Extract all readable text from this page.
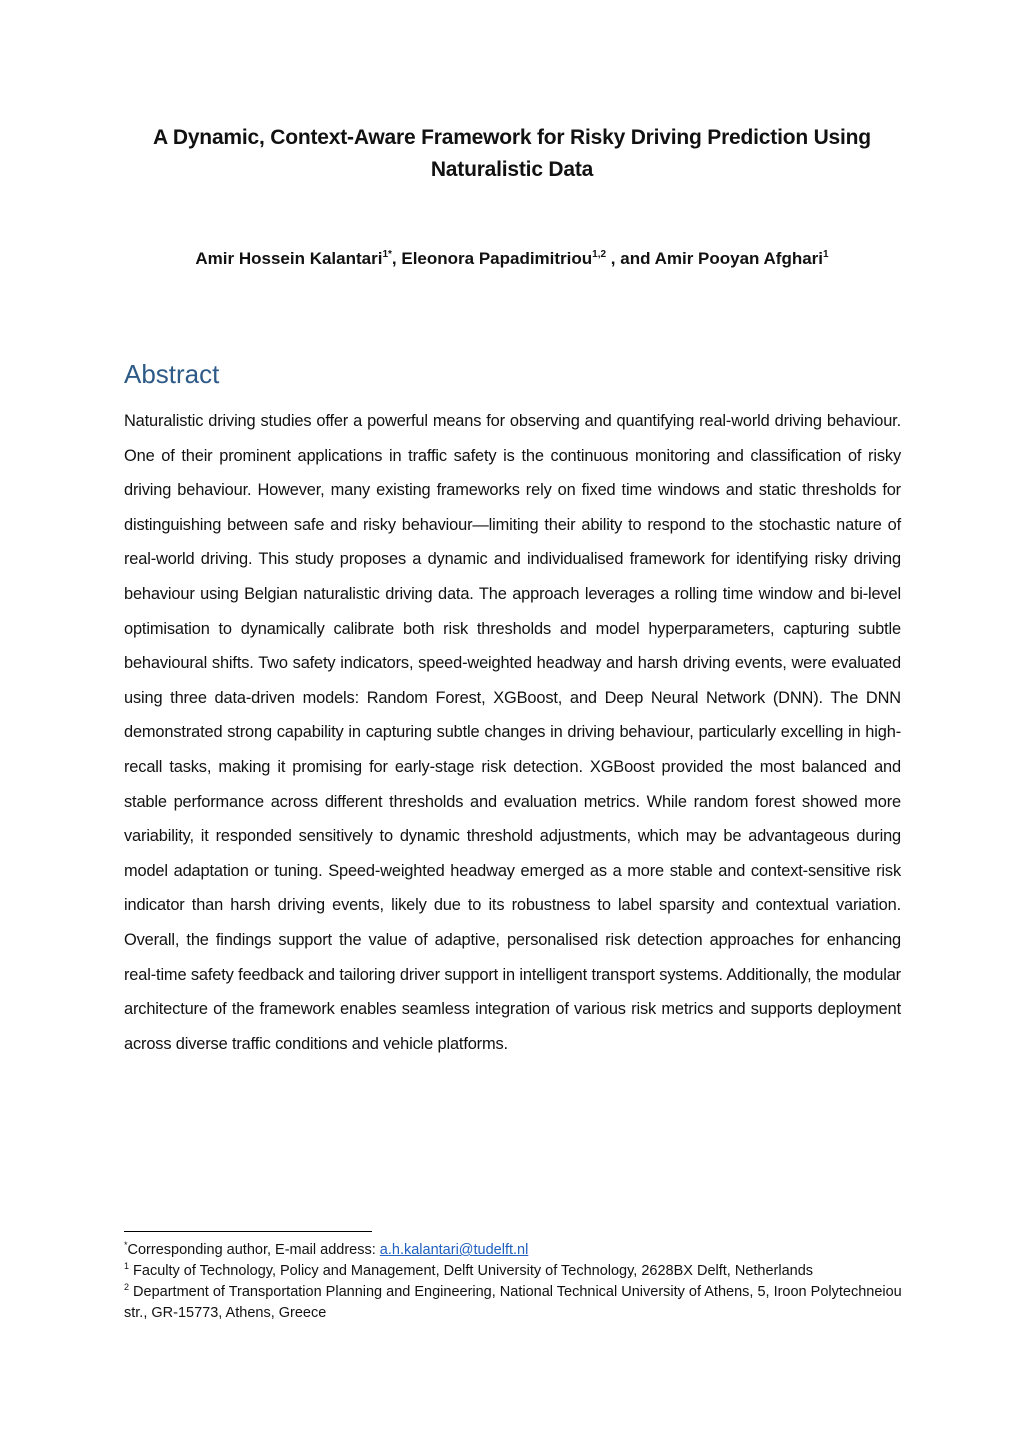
A Dynamic, Context-Aware Framework for Risky Driving Prediction Using
Naturalistic Data
Amir Hossein Kalantari$^{1*}$, Eleonora Papadimitriou$^{1,2}$ , and Amir Pooyan Afghari$^1$
Abstract
Naturalistic driving studies offer a powerful means for observing and quantifying real-world driving behaviour. One of their prominent applications in traffic safety is the continuous monitoring and classification of risky driving behaviour. However, many existing frameworks rely on fixed time windows and static thresholds for distinguishing between safe and risky behaviour—limiting their ability to respond to the stochastic nature of real-world driving. This study proposes a dynamic and individualised framework for identifying risky driving behaviour using Belgian naturalistic driving data. The approach leverages a rolling time window and bi-level optimisation to dynamically calibrate both risk thresholds and model hyperparameters, capturing subtle behavioural shifts. Two safety indicators, speed-weighted headway and harsh driving events, were evaluated using three data-driven models: Random Forest, XGBoost, and Deep Neural Network (DNN). The DNN demonstrated strong capability in capturing subtle changes in driving behaviour, particularly excelling in high-recall tasks, making it promising for early-stage risk detection. XGBoost provided the most balanced and stable performance across different thresholds and evaluation metrics. While random forest showed more variability, it responded sensitively to dynamic threshold adjustments, which may be advantageous during model adaptation or tuning. Speed-weighted headway emerged as a more stable and context-sensitive risk indicator than harsh driving events, likely due to its robustness to label sparsity and contextual variation. Overall, the findings support the value of adaptive, personalised risk detection approaches for enhancing real-time safety feedback and tailoring driver support in intelligent transport systems. Additionally, the modular architecture of the framework enables seamless integration of various risk metrics and supports deployment across diverse traffic conditions and vehicle platforms.

*Corresponding author, E-mail address: a.h.kalantari@tudelft.nl

$^1$ Faculty of Technology, Policy and Management, Delft University of Technology, 2628BX Delft, Netherlands

$^2$ Department of Transportation Planning and Engineering, National Technical University of Athens, 5, Iroon Polytechneiou str., GR-15773, Athens, Greece
